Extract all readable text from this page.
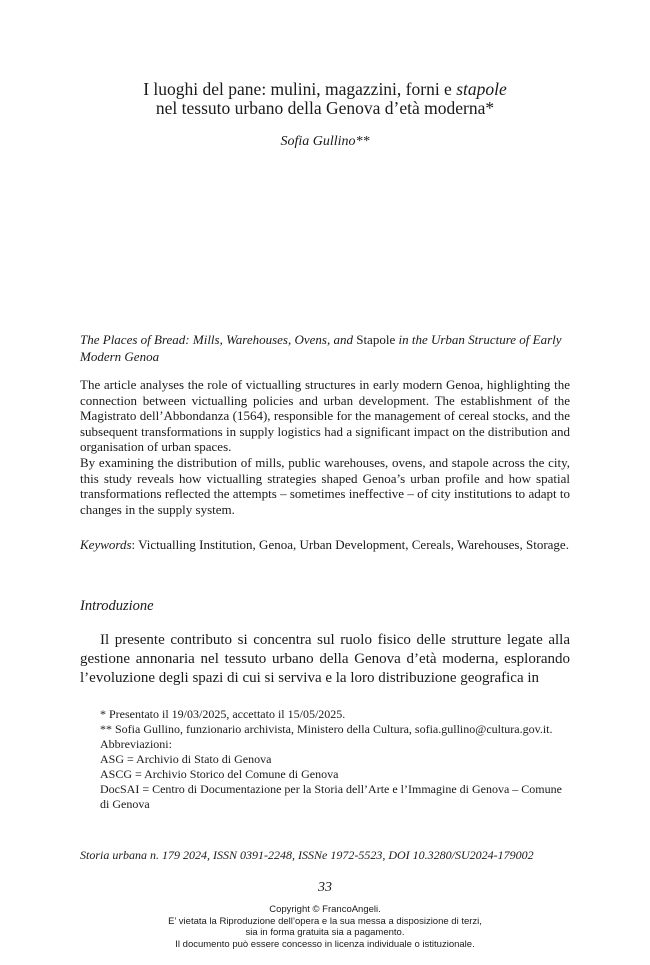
I luoghi del pane: mulini, magazzini, forni e stapole
nel tessuto urbano della Genova d’età moderna*
Sofia Gullino**
The Places of Bread: Mills, Warehouses, Ovens, and Stapole in the Urban Structure of Early Modern Genoa

The article analyses the role of victualling structures in early modern Genoa, highlighting the connection between victualling policies and urban development. The establishment of the Magistrato dell’Abbondanza (1564), responsible for the management of cereal stocks, and the subsequent transformations in supply logistics had a significant impact on the distribution and organisation of urban spaces.

By examining the distribution of mills, public warehouses, ovens, and stapole across the city, this study reveals how victualling strategies shaped Genoa’s urban profile and how spatial transformations reflected the attempts – sometimes ineffective – of city institutions to adapt to changes in the supply system.

Keywords: Victualling Institution, Genoa, Urban Development, Cereals, Warehouses, Storage.
Introduzione
Il presente contributo si concentra sul ruolo fisico delle strutture legate alla gestione annonaria nel tessuto urbano della Genova d’età moderna, esplorando l’evoluzione degli spazi di cui si serviva e la loro distribuzione geografica in
* Presentato il 19/03/2025, accettato il 15/05/2025.
** Sofia Gullino, funzionario archivista, Ministero della Cultura, sofia.gullino@cultura.gov.it.
Abbreviazioni:
ASG = Archivio di Stato di Genova
ASCG = Archivio Storico del Comune di Genova
DocSAI = Centro di Documentazione per la Storia dell’Arte e l’Immagine di Genova – Comune di Genova
Storia urbana n. 179 2024, ISSN 0391-2248, ISSNe 1972-5523, DOI 10.3280/SU2024-179002
33
Copyright © FrancoAngeli.
E’ vietata la Riproduzione dell’opera e la sua messa a disposizione di terzi,
sia in forma gratuita sia a pagamento.
Il documento può essere concesso in licenza individuale o istituzionale.
